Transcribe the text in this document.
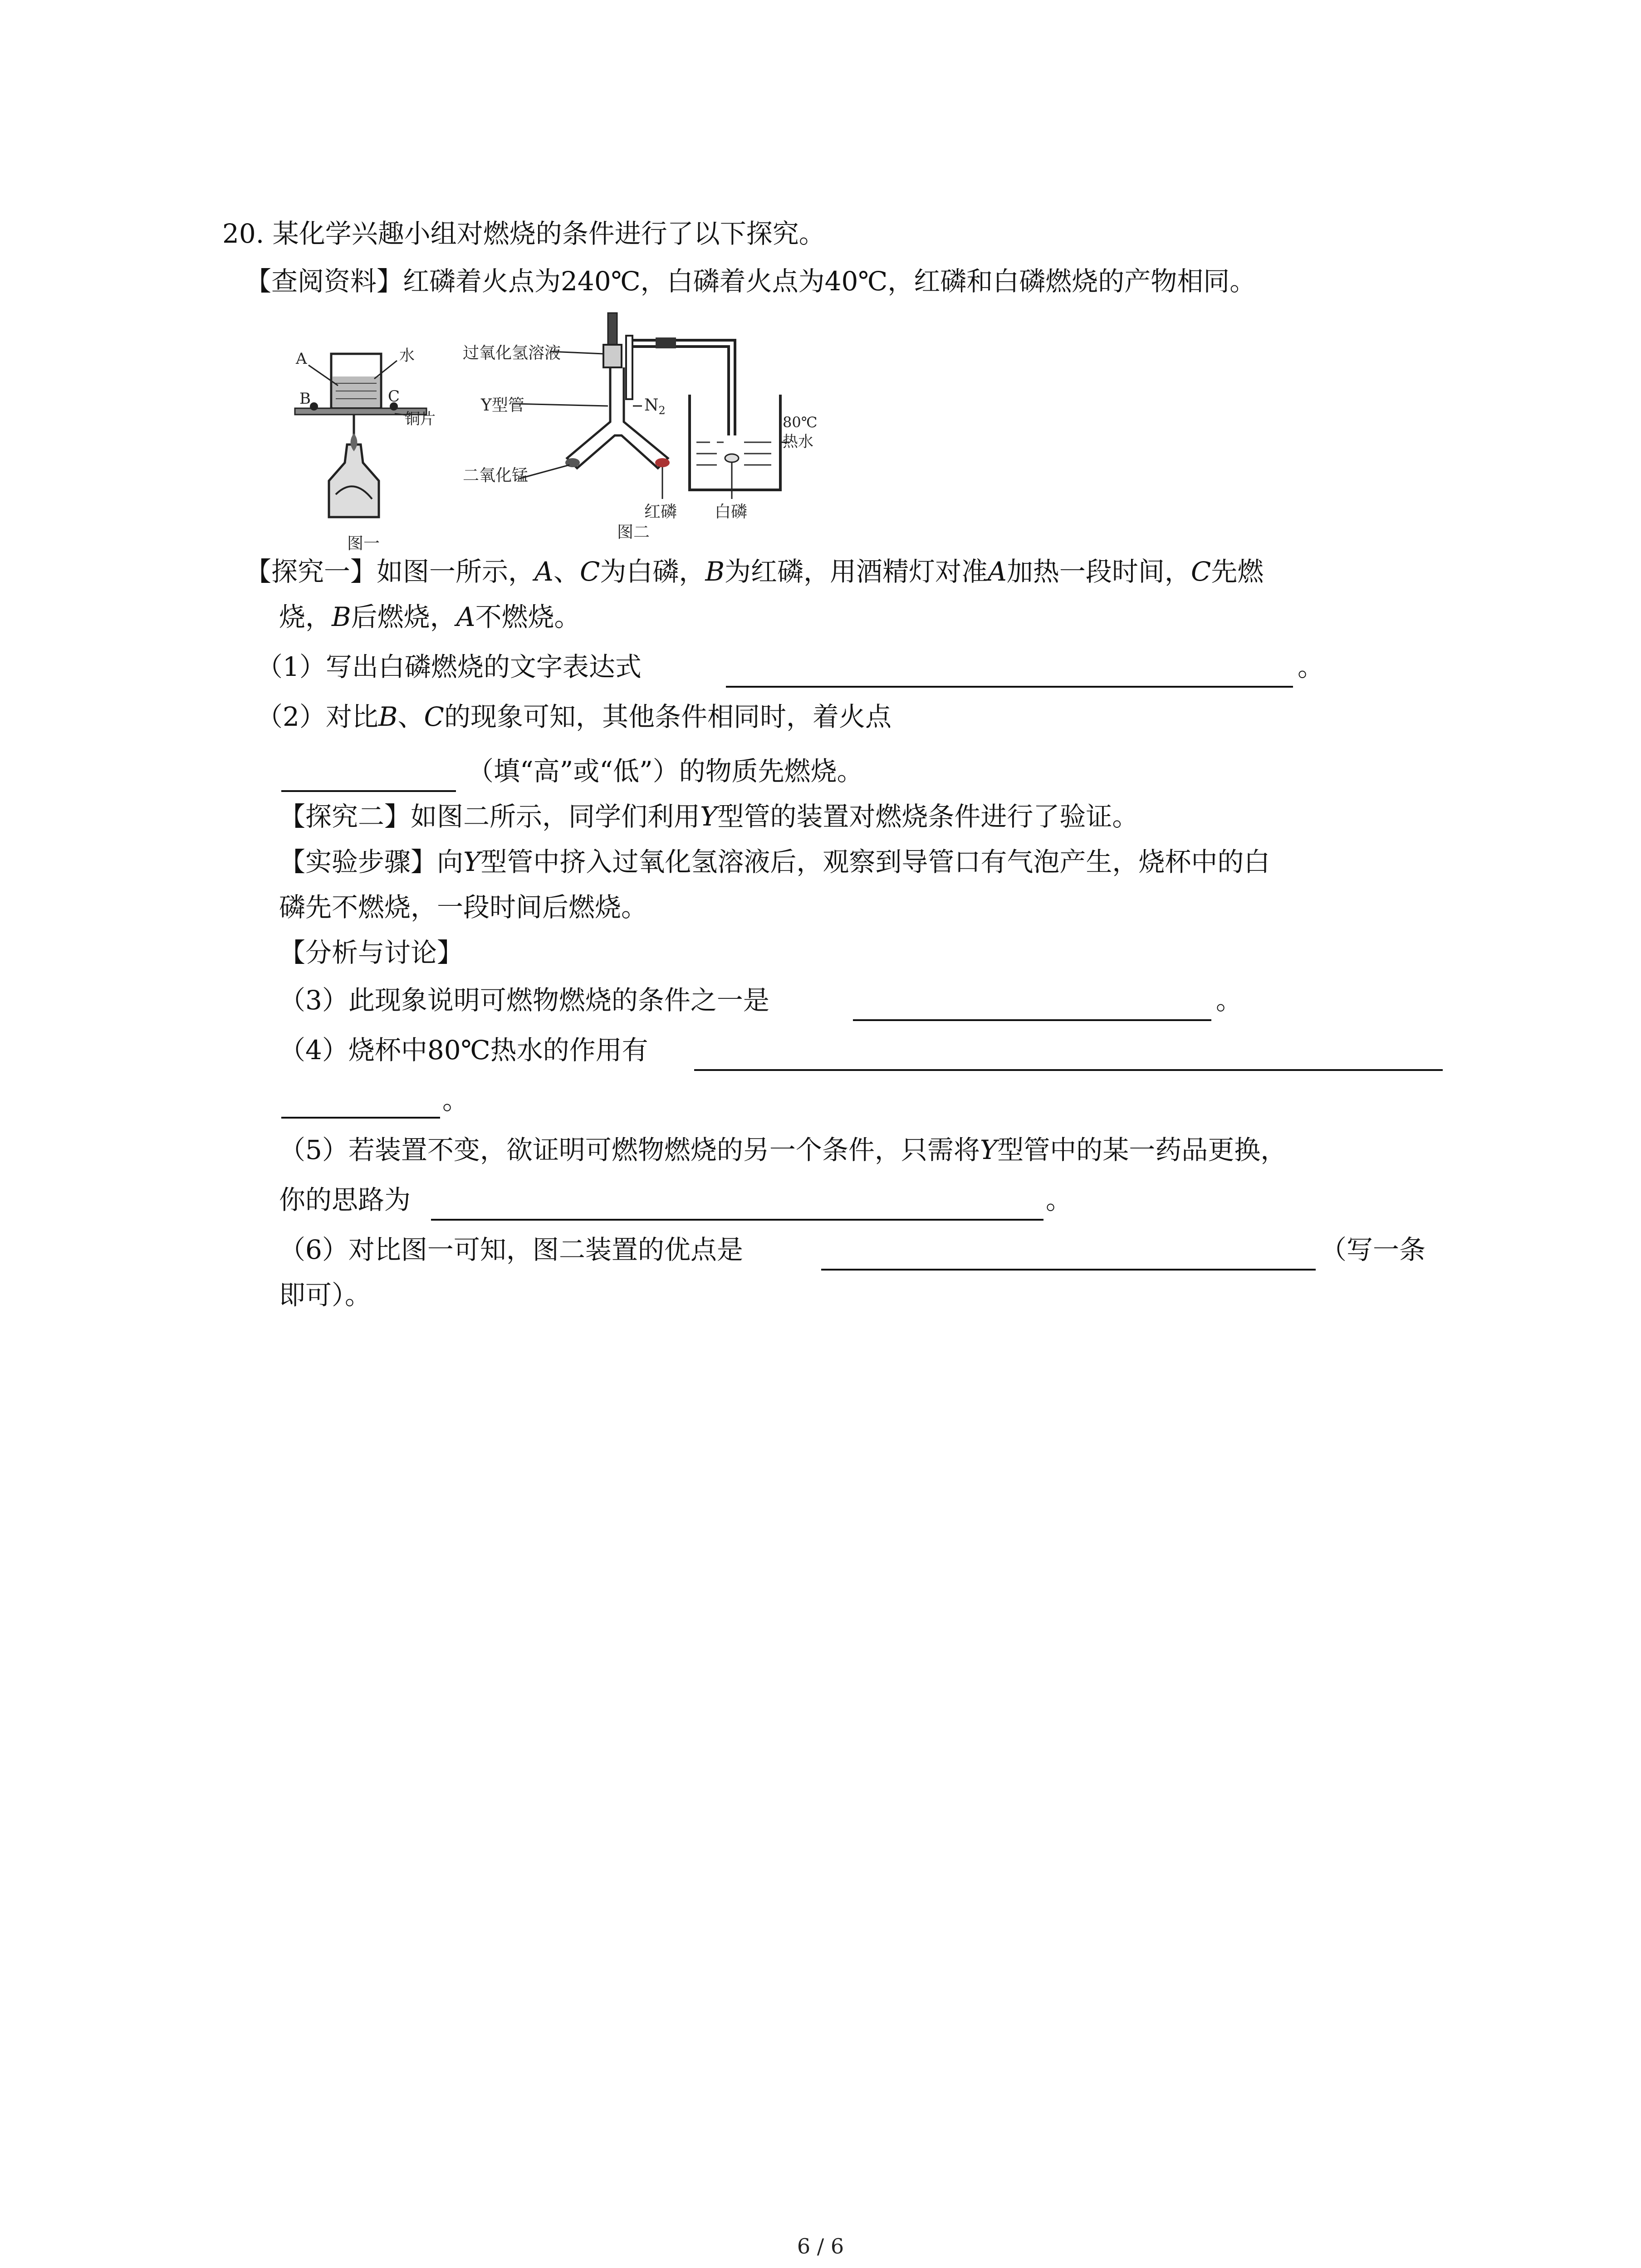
20. 某化学兴趣小组对燃烧的条件进行了以下探究。
【查阅资料】红磷着火点为240℃，白磷着火点为40℃，红磷和白磷燃烧的产物相同。
A	水
B	C
铜片
图一
过氧化氢溶液
Y型管	$N_2$
80℃
热水
二氧化锰
红磷 白磷
图二
【探究一】如图一所示，A、C为白磷，B为红磷，用酒精灯对准A加热一段时间，C先燃
烧，B后燃烧，A不燃烧。
（1）写出白磷燃烧的文字表达式	。
（2）对比B、C的现象可知，其他条件相同时，着火点
（填“高”或“低”）的物质先燃烧。
【探究二】如图二所示，同学们利用Y型管的装置对燃烧条件进行了验证。
【实验步骤】向Y型管中挤入过氧化氢溶液后，观察到导管口有气泡产生，烧杯中的白
磷先不燃烧，一段时间后燃烧。
【分析与讨论】
（3）此现象说明可燃物燃烧的条件之一是	。
（4）烧杯中80℃热水的作用有
。
（5）若装置不变，欲证明可燃物燃烧的另一个条件，只需将Y型管中的某一药品更换，
你的思路为	。
（6）对比图一可知，图二装置的优点是	（写一条
即可）。
6 / 6
